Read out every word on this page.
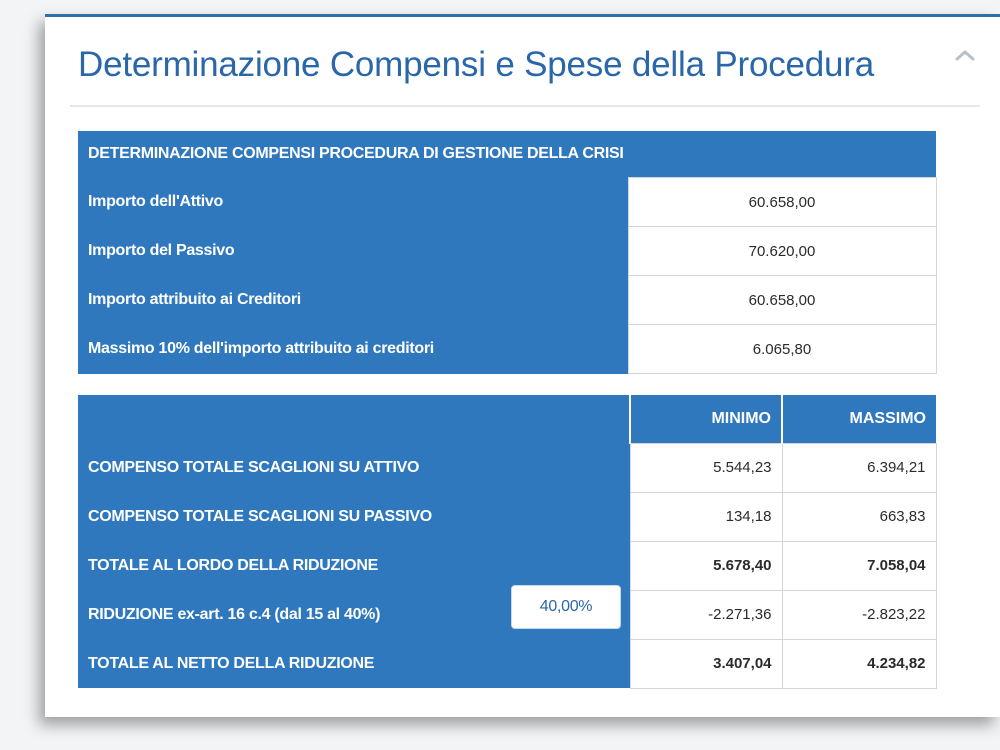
Determinazione Compensi e Spese della Procedura
DETERMINAZIONE COMPENSI PROCEDURA DI GESTIONE DELLA CRISI	
Importo dell'Attivo	60.658,00
Importo del Passivo	70.620,00
Importo attribuito ai Creditori	60.658,00
Massimo 10% dell'importo attribuito ai creditori	6.065,80
	MINIMO	MASSIMO
COMPENSO TOTALE SCAGLIONI SU ATTIVO	5.544,23	6.394,21
COMPENSO TOTALE SCAGLIONI SU PASSIVO	134,18	663,83
TOTALE AL LORDO DELLA RIDUZIONE	5.678,40	7.058,04
RIDUZIONE ex-art. 16 c.4 (dal 15 al 40%) 40,00%	-2.271,36	-2.823,22
TOTALE AL NETTO DELLA RIDUZIONE	3.407,04	4.234,82
